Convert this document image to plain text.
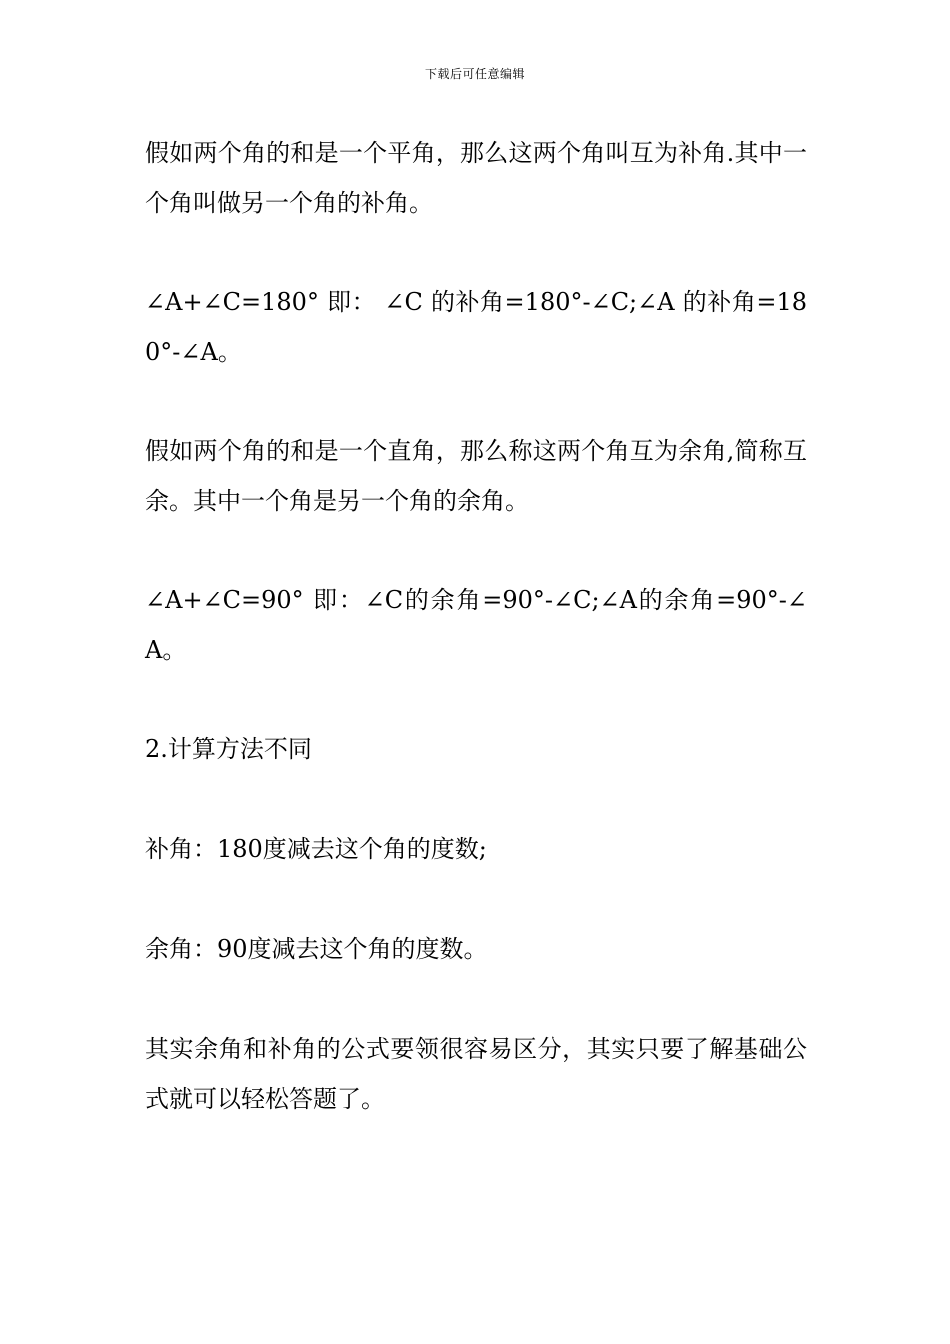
下载后可任意编辑

假如两个角的和是一个平角，那么这两个角叫互为补角.其中一个角叫做另一个角的补角。

∠A+∠C=180° 即： ∠C 的补角=180°-∠C;∠A 的补角=180°-∠A。

假如两个角的和是一个直角，那么称这两个角互为余角,简称互余。其中一个角是另一个角的余角。

∠A+∠C=90° 即：∠C的余角=90°-∠C;∠A的余角=90°-∠A。

2.计算方法不同

补角：180度减去这个角的度数;

余角：90度减去这个角的度数。

其实余角和补角的公式要领很容易区分，其实只要了解基础公式就可以轻松答题了。
